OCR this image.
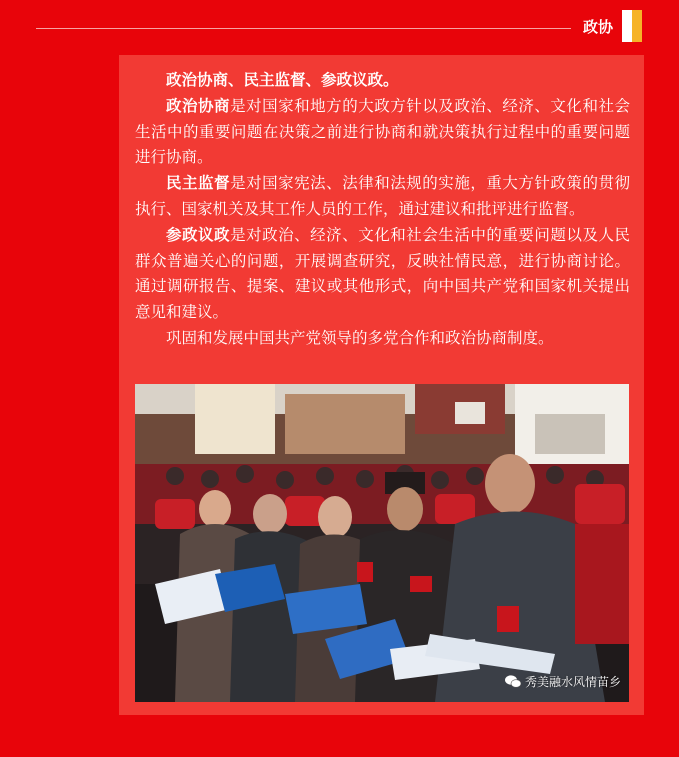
政协

政治协商、民主监督、参政议政。

政治协商是对国家和地方的大政方针以及政治、经济、文化和社会生活中的重要问题在决策之前进行协商和就决策执行过程中的重要问题进行协商。

民主监督是对国家宪法、法律和法规的实施，重大方针政策的贯彻执行、国家机关及其工作人员的工作，通过建议和批评进行监督。

参政议政是对政治、经济、文化和社会生活中的重要问题以及人民群众普遍关心的问题，开展调查研究，反映社情民意，进行协商讨论。通过调研报告、提案、建议或其他形式，向中国共产党和国家机关提出意见和建议。

巩固和发展中国共产党领导的多党合作和政治协商制度。

秀美融水风情苗乡
